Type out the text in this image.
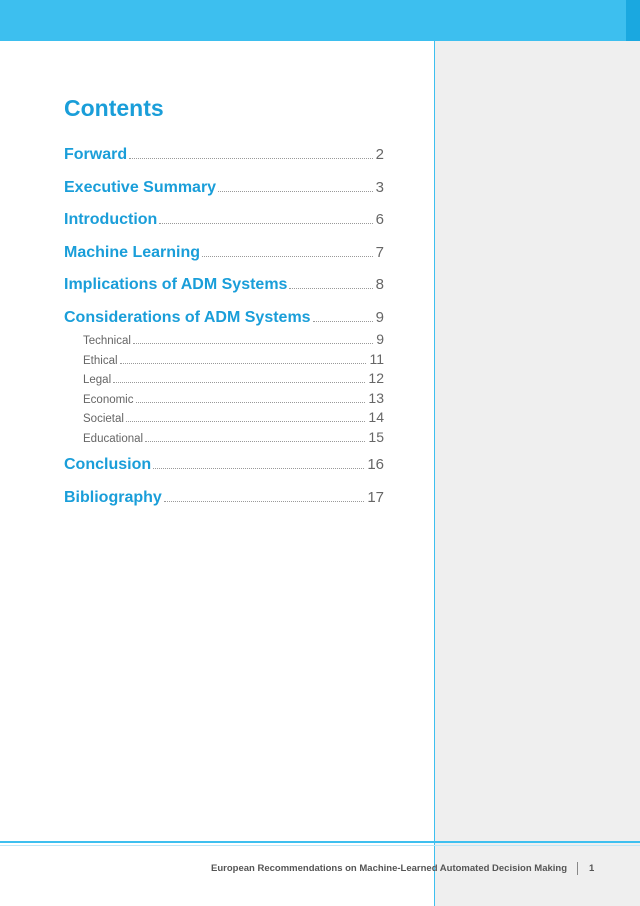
Contents
Forward	2
Executive Summary	3
Introduction	6
Machine Learning	7
Implications of ADM Systems	8
Considerations of ADM Systems	9
Technical	9
Ethical	11
Legal	12
Economic	13
Societal	14
Educational	15
Conclusion	16
Bibliography	17
European Recommendations on Machine-Learned Automated Decision Making 1
